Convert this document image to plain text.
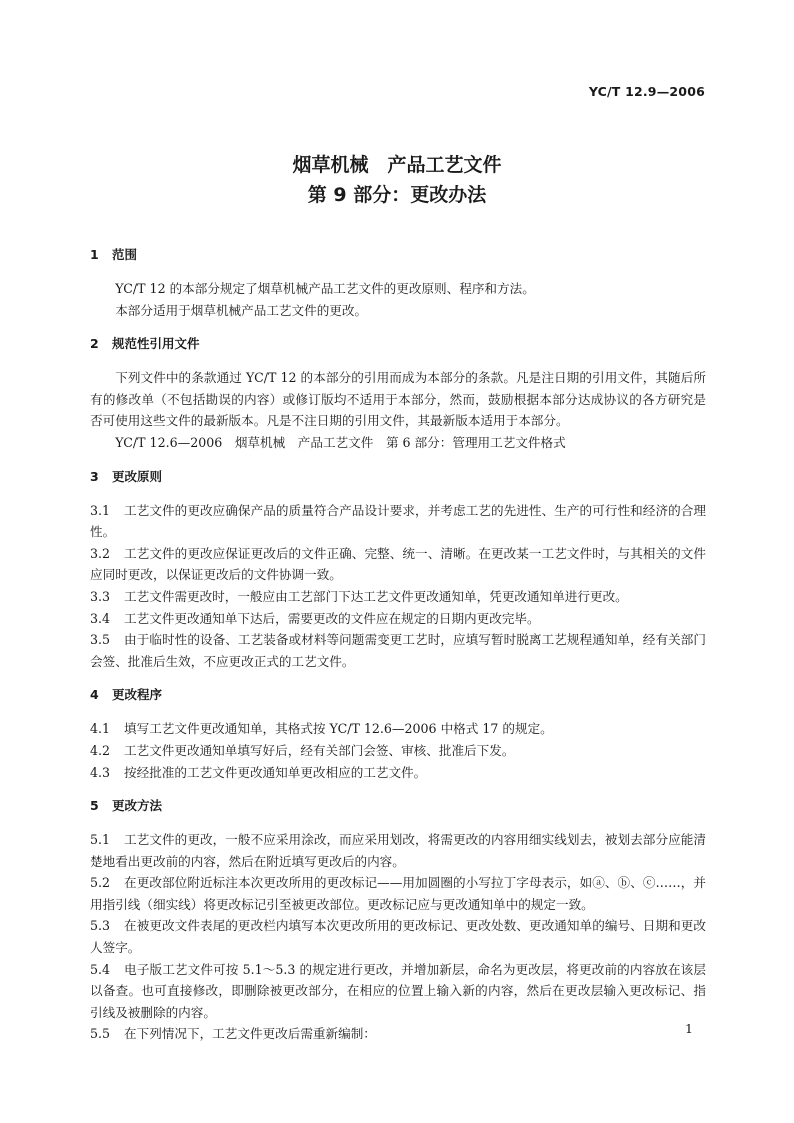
YC/T 12.9—2006
烟草机械　产品工艺文件
第 9 部分：更改办法
1 范围

YC/T 12 的本部分规定了烟草机械产品工艺文件的更改原则、程序和方法。

本部分适用于烟草机械产品工艺文件的更改。

2 规范性引用文件

下列文件中的条款通过 YC/T 12 的本部分的引用而成为本部分的条款。凡是注日期的引用文件，其随后所有的修改单（不包括勘误的内容）或修订版均不适用于本部分，然而，鼓励根据本部分达成协议的各方研究是否可使用这些文件的最新版本。凡是不注日期的引用文件，其最新版本适用于本部分。

YC/T 12.6—2006　烟草机械　产品工艺文件　第 6 部分：管理用工艺文件格式

3 更改原则

3.1 工艺文件的更改应确保产品的质量符合产品设计要求，并考虑工艺的先进性、生产的可行性和经济的合理性。

3.2 工艺文件的更改应保证更改后的文件正确、完整、统一、清晰。在更改某一工艺文件时，与其相关的文件应同时更改，以保证更改后的文件协调一致。

3.3 工艺文件需更改时，一般应由工艺部门下达工艺文件更改通知单，凭更改通知单进行更改。

3.4 工艺文件更改通知单下达后，需要更改的文件应在规定的日期内更改完毕。

3.5 由于临时性的设备、工艺装备或材料等问题需变更工艺时，应填写暂时脱离工艺规程通知单，经有关部门会签、批准后生效，不应更改正式的工艺文件。

4 更改程序

4.1 填写工艺文件更改通知单，其格式按 YC/T 12.6—2006 中格式 17 的规定。

4.2 工艺文件更改通知单填写好后，经有关部门会签、审核、批准后下发。

4.3 按经批准的工艺文件更改通知单更改相应的工艺文件。

5 更改方法

5.1 工艺文件的更改，一般不应采用涂改，而应采用划改，将需更改的内容用细实线划去，被划去部分应能清楚地看出更改前的内容，然后在附近填写更改后的内容。

5.2 在更改部位附近标注本次更改所用的更改标记——用加圆圈的小写拉丁字母表示，如ⓐ、ⓑ、ⓒ……，并用指引线（细实线）将更改标记引至被更改部位。更改标记应与更改通知单中的规定一致。

5.3 在被更改文件表尾的更改栏内填写本次更改所用的更改标记、更改处数、更改通知单的编号、日期和更改人签字。

5.4 电子版工艺文件可按 5.1～5.3 的规定进行更改，并增加新层，命名为更改层，将更改前的内容放在该层以备查。也可直接修改，即删除被更改部分，在相应的位置上输入新的内容，然后在更改层输入更改标记、指引线及被删除的内容。

5.5 在下列情况下，工艺文件更改后需重新编制：	1
